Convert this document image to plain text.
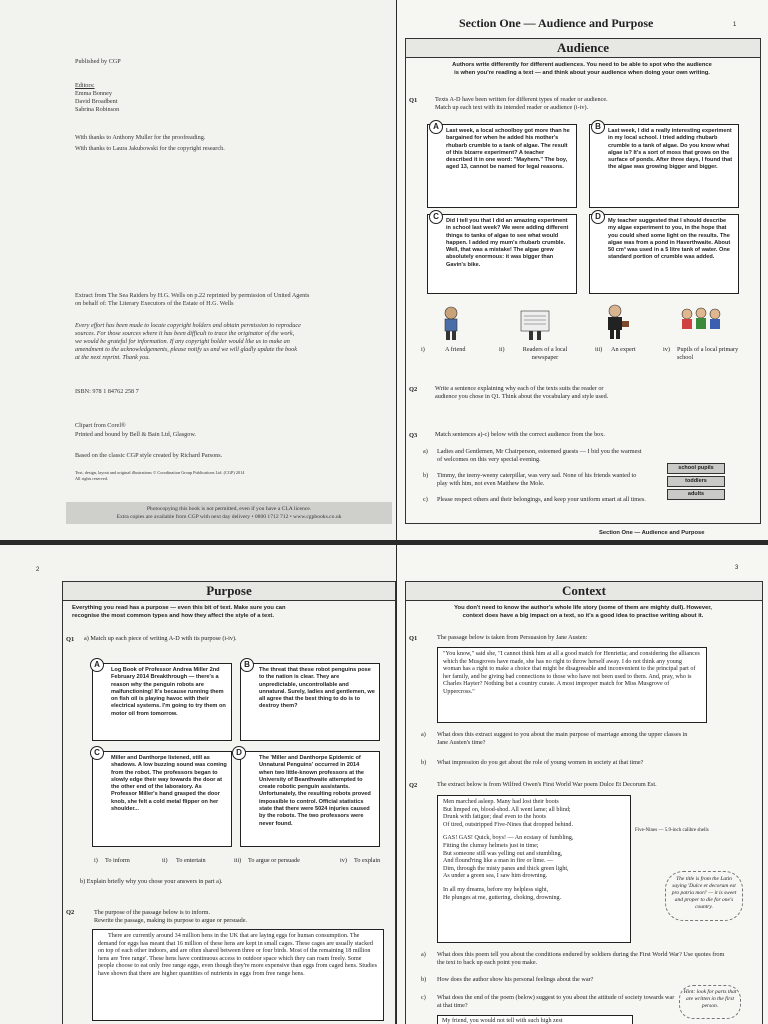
Published by CGP
Editors:
Emma Bonney
David Broadbent
Sabrina Robinson
With thanks to Anthony Muller for the proofreading.
With thanks to Laura Jakubowski for the copyright research.
Extract from The Sea Raiders by H.G. Wells on p.22 reprinted by permission of United Agents
on behalf of: The Literary Executors of the Estate of H.G. Wells
Every effort has been made to locate copyright holders and obtain permission to reproduce
sources. For those sources where it has been difficult to trace the originator of the work,
we would be grateful for information. If any copyright holder would like us to make an
amendment to the acknowledgements, please notify us and we will gladly update the book
at the next reprint. Thank you.
ISBN: 978 1 84762 258 7
Clipart from Corel®
Printed and bound by Bell & Bain Ltd, Glasgow.
Based on the classic CGP style created by Richard Parsons.
Text, design, layout and original illustrations © Coordination Group Publications Ltd. (CGP) 2014
All rights reserved.
Photocopying this book is not permitted, even if you have a CLA licence.
Extra copies are available from CGP with next day delivery • 0800 1712 712 • www.cgpbooks.co.uk
Section One — Audience and Purpose	1
Audience
Authors write differently for different audiences. You need to be able to spot who the audience
is when you're reading a text — and think about your audience when doing your own writing.
Q1	Texts A-D have been written for different types of reader or audience.
Match up each text with its intended reader or audience (i-iv).
Last week, a local schoolboy got more than he bargained for when he added his mother's rhubarb crumble to a tank of algae. The result of this bizarre experiment? A teacher described it in one word: "Mayhem." The boy, aged 13, cannot be named for legal reasons.
A	Last week, I did a really interesting experiment in my local school. I tried adding rhubarb crumble to a tank of algae. Do you know what algae is? It's a sort of moss that grows on the surface of ponds. After three days, I found that the algae was growing bigger and bigger.
B
Did I tell you that I did an amazing experiment in school last week? We were adding different things to tanks of algae to see what would happen. I added my mum's rhubarb crumble. Well, that was a mistake! The algae grew absolutely enormous: it was bigger than Gavin's bike.
C	My teacher suggested that I should describe my algae experiment to you, in the hope that you could shed some light on the results. The algae was from a pond in Haverthwaite. About 50 cm³ was used in a 5 litre tank of water. One standard portion of crumble was added.
D
i)	A friend	ii)	Readers of a local newspaper
iii) An expert	iv) Pupils of a local primary school
Q2	Write a sentence explaining why each of the texts suits the reader or
audience you chose in Q1. Think about the vocabulary and style used.
Q3	Match sentences a)-c) below with the correct audience from the box.
a) Ladies and Gentlemen, Mr Chairperson, esteemed guests — I bid you the warmest of welcomes on this very special evening.
b) Timmy, the teeny-weeny caterpillar, was very sad. None of his friends wanted to play with him, not even Matthew the Mole.
c) Please respect others and their belongings, and keep your uniform smart at all times.
school pupils
toddlers
adults
Section One — Audience and Purpose
2
Purpose
Everything you read has a purpose — even this bit of text. Make sure you can
recognise the most common types and how they affect the style of a text.
Q1 a) Match up each piece of writing A-D with its purpose (i-iv).
Log Book of Professor Andrea Miller 2nd February 2014 Breakthrough — there's a reason why the penguin robots are malfunctioning! It's because running them on fish oil is playing havoc with their electrical systems. I'm going to try them on motor oil from tomorrow.
A
The threat that these robot penguins pose to the nation is clear. They are unpredictable, uncontrollable and unnatural. Surely, ladies and gentlemen, we all agree that the best thing to do is to destroy them?
B
Miller and Danthorpe listened, still as shadows. A low buzzing sound was coming from the robot. The professors began to slowly edge their way towards the door at the other end of the laboratory. As Professor Miller's hand grasped the door knob, she felt a cold metal flipper on her shoulder...
C
The 'Miller and Danthorpe Epidemic of Unnatural Penguins' occurred in 2014 when two little-known professors at the University of Beanthwaite attempted to create robotic penguin assistants. Unfortunately, the resulting robots proved impossible to control. Official statistics state that there were 5024 injuries caused by the robots. The two professors were never found.
D
i) To inform	ii) To entertain	iii) To argue or persuade	iv) To explain
b) Explain briefly why you chose your answers in part a).
Q2	The purpose of the passage below is to inform.
Rewrite the passage, making its purpose to argue or persuade.
There are currently around 34 million hens in the UK that are laying eggs for human consumption. The demand for eggs has meant that 16 million of these hens are kept in small cages. These cages are usually stacked on top of each other indoors, and are often shared between three or four birds. Most of the remaining 18 million hens are 'free range'. These hens have continuous access to outdoor space which they can roam freely. Some people choose to eat only free range eggs, even though they're more expensive than eggs from caged hens. Studies have shown that there are higher quantities of nutrients in eggs from free range hens.
3
Context
You don't need to know the author's whole life story (some of them are mighty dull). However,
context does have a big impact on a text, so it's a good idea to practise writing about it.
Q1	The passage below is taken from Persuasion by Jane Austen:
"You know," said she, "I cannot think him at all a good match for Henrietta; and considering the alliances which the Musgroves have made, she has no right to throw herself away. I do not think any young woman has a right to make a choice that might be disagreeable and inconvenient to the principal part of her family, and be giving bad connections to those who have not been used to them. And, pray, who is Charles Hayter? Nothing but a country curate. A most improper match for Miss Musgrove of Uppercross."
a) What does this extract suggest to you about the main purpose of marriage among the upper classes in Jane Austen's time?
b) What impression do you get about the role of young women in society at that time?
Q2	The extract below is from Wilfred Owen's First World War poem Dulce Et Decorum Est.
Men marched asleep. Many had lost their boots
But limped on, blood-shod. All went lame; all blind;
Drunk with fatigue; deaf even to the hoots
Of tired, outstripped Five-Nines that dropped behind.
GAS! GAS! Quick, boys! — An ecstasy of fumbling,
Fitting the clumsy helmets just in time;
But someone still was yelling out and stumbling,
And flound'ring like a man in fire or lime. —
Dim, through the misty panes and thick green light,
As under a green sea, I saw him drowning.
In all my dreams, before my helpless sight,
He plunges at me, guttering, choking, drowning.
Five-Nines — 5.9-inch calibre shells
The title is from the Latin saying 'Dulce et decorum est pro patria mori' — it is sweet and proper to die for one's country.
a) What does this poem tell you about the conditions endured by soldiers during the First World War? Use quotes from the text to back up each point you make.
b) How does the author show his personal feelings about the war?
c) What does the end of the poem (below) suggest to you about the attitude of society towards war at that time?
Hint: look for parts that are written in the first person.
My friend, you would not tell with such high zest
